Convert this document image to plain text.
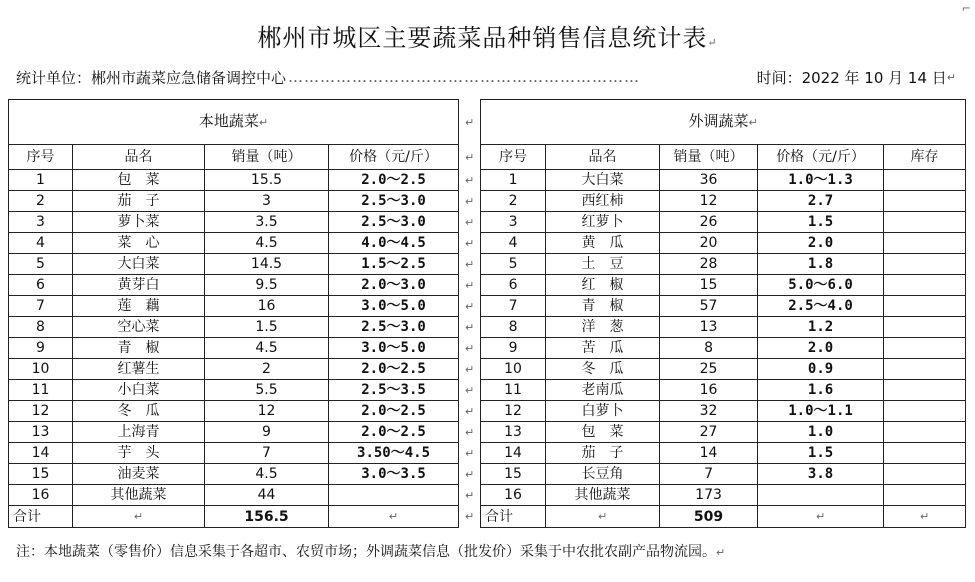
⌐
郴州市城区主要蔬菜品种销售信息统计表↵
统计单位：郴州市蔬菜应急储备调控中心 …………………………………………………………	时间：2022 年 10 月 14 日 ↵
本地蔬菜↵				↵	外调蔬菜↵				
序号	品名	销量（吨）	价格（元/斤）	↵	序号	品名	销量（吨）	价格（元/斤）	库存
1	包　菜	15.5	2.0～2.5	↵	1	大白菜	36	1.0～1.3	
2	茄　子	3	2.5～3.0	↵	2	西红柿	12	2.7	
3	萝卜菜	3.5	2.5～3.0	↵	3	红萝卜	26	1.5	
4	菜　心	4.5	4.0～4.5	↵	4	黄　瓜	20	2.0	
5	大白菜	14.5	1.5～2.5	↵	5	土　豆	28	1.8	
6	黄芽白	9.5	2.0～3.0	↵	6	红　椒	15	5.0～6.0	
7	莲　藕	16	3.0～5.0	↵	7	青　椒	57	2.5～4.0	
8	空心菜	1.5	2.5～3.0	↵	8	洋　葱	13	1.2	
9	青　椒	4.5	3.0～5.0	↵	9	苦　瓜	8	2.0	
10	红薯生	2	2.0～2.5	↵	10	冬　瓜	25	0.9	
11	小白菜	5.5	2.5～3.5	↵	11	老南瓜	16	1.6	
12	冬　瓜	12	2.0～2.5	↵	12	白萝卜	32	1.0～1.1	
13	上海青	9	2.0～2.5	↵	13	包　菜	27	1.0	
14	芋　头	7	3.50～4.5	↵	14	茄　子	14	1.5	
15	油麦菜	4.5	3.0～3.5	↵	15	长豆角	7	3.8	
16	其他蔬菜	44		↵	16	其他蔬菜	173		
合计	↵	156.5	↵	↵	合计	↵	509	↵	↵
注：本地蔬菜（零售价）信息采集于各超市、农贸市场；外调蔬菜信息（批发价）采集于中农批农副产品物流园。↵
